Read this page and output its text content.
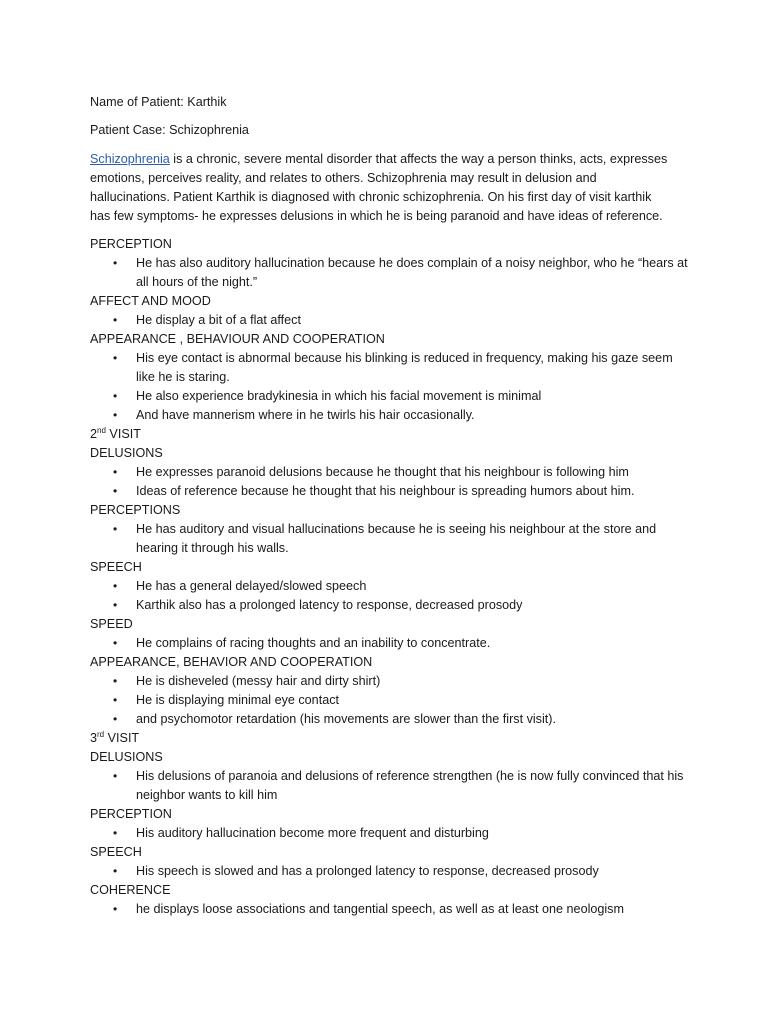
Name of Patient: Karthik

Patient Case: Schizophrenia

Schizophrenia is a chronic, severe mental disorder that affects the way a person thinks, acts, expresses emotions, perceives reality, and relates to others. Schizophrenia may result in delusion and hallucinations. Patient Karthik is diagnosed with chronic schizophrenia. On his first day of visit karthik has few symptoms- he expresses delusions in which he is being paranoid and have ideas of reference.

PERCEPTION

• He has also auditory hallucination because he does complain of a noisy neighbor, who he “hears at all hours of the night.”

AFFECT AND MOOD

• He display a bit of a flat affect

APPEARANCE , BEHAVIOUR AND COOPERATION

• His eye contact is abnormal because his blinking is reduced in frequency, making his gaze seem like he is staring.
• He also experience bradykinesia in which his facial movement is minimal
• And have mannerism where in he twirls his hair occasionally.

2nd VISIT

DELUSIONS

• He expresses paranoid delusions because he thought that his neighbour is following him
• Ideas of reference because he thought that his neighbour is spreading humors about him.

PERCEPTIONS

• He has auditory and visual hallucinations because he is seeing his neighbour at the store and hearing it through his walls.

SPEECH

• He has a general delayed/slowed speech
• Karthik also has a prolonged latency to response, decreased prosody

SPEED

• He complains of racing thoughts and an inability to concentrate.

APPEARANCE, BEHAVIOR AND COOPERATION

• He is disheveled (messy hair and dirty shirt)
• He is displaying minimal eye contact
• and psychomotor retardation (his movements are slower than the first visit).

3rd VISIT

DELUSIONS

• His delusions of paranoia and delusions of reference strengthen (he is now fully convinced that his neighbor wants to kill him

PERCEPTION

• His auditory hallucination become more frequent and disturbing

SPEECH

• His speech is slowed and has a prolonged latency to response, decreased prosody

COHERENCE

• he displays loose associations and tangential speech, as well as at least one neologism
